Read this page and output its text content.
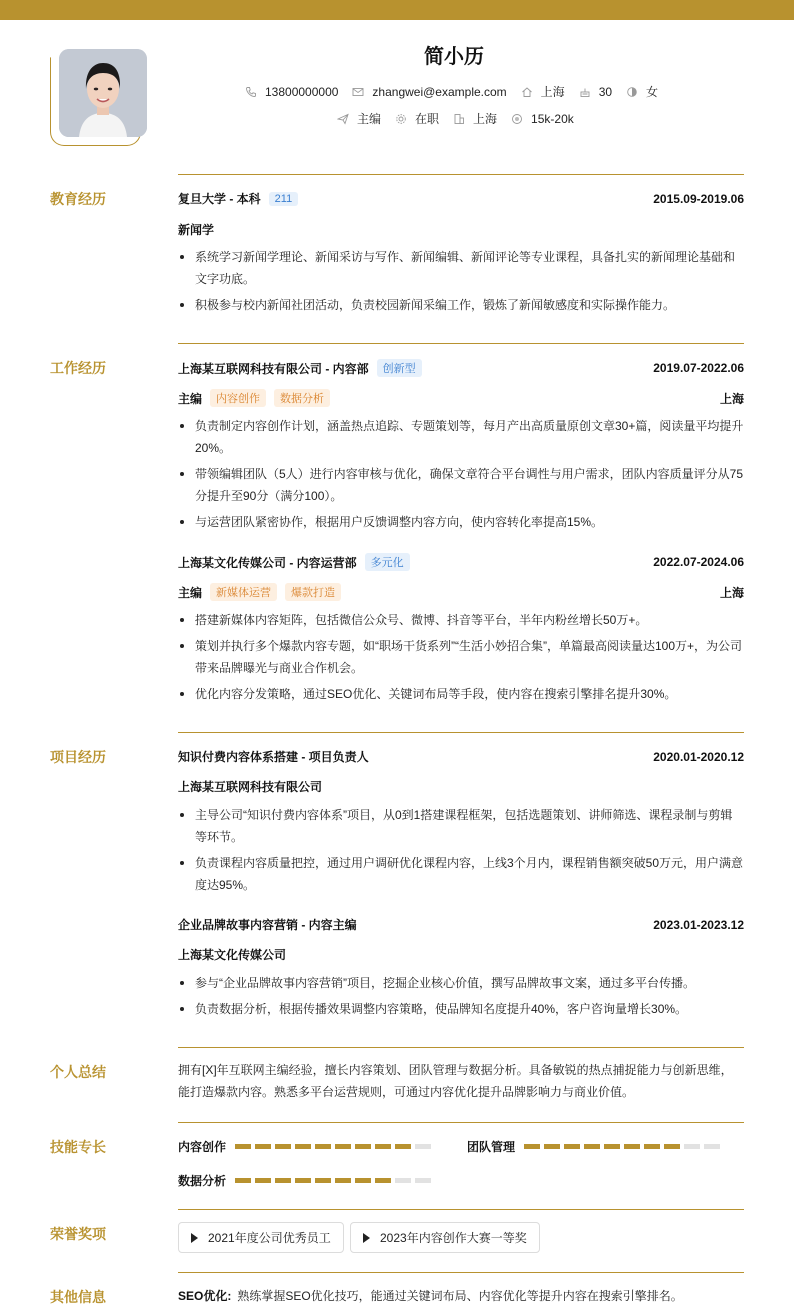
简小历
13800000000	zhangwei@example.com	上海	30	女
主编	在职	上海	15k-20k
教育经历	复旦大学 - 本科	211	2015.09-2019.06
新闻学
系统学习新闻学理论、新闻采访与写作、新闻编辑、新闻评论等专业课程，具备扎实的新闻理论基础和文字功底。
积极参与校内新闻社团活动，负责校园新闻采编工作，锻炼了新闻敏感度和实际操作能力。
工作经历	上海某互联网科技有限公司 - 内容部	创新型	2019.07-2022.06
主编	内容创作	数据分析	上海
负责制定内容创作计划，涵盖热点追踪、专题策划等，每月产出高质量原创文章30+篇，阅读量平均提升20%。
带领编辑团队（5人）进行内容审核与优化，确保文章符合平台调性与用户需求，团队内容质量评分从75分提升至90分（满分100）。
与运营团队紧密协作，根据用户反馈调整内容方向，使内容转化率提高15%。
上海某文化传媒公司 - 内容运营部	多元化	2022.07-2024.06
主编	新媒体运营	爆款打造	上海
搭建新媒体内容矩阵，包括微信公众号、微博、抖音等平台，半年内粉丝增长50万+。
策划并执行多个爆款内容专题，如“职场干货系列”“生活小妙招合集”，单篇最高阅读量达100万+，为公司带来品牌曝光与商业合作机会。
优化内容分发策略，通过SEO优化、关键词布局等手段，使内容在搜索引擎排名提升30%。
项目经历	知识付费内容体系搭建 - 项目负责人	2020.01-2020.12
上海某互联网科技有限公司
主导公司“知识付费内容体系”项目，从0到1搭建课程框架，包括选题策划、讲师筛选、课程录制与剪辑等环节。
负责课程内容质量把控，通过用户调研优化课程内容，上线3个月内，课程销售额突破50万元，用户满意度达95%。
企业品牌故事内容营销 - 内容主编	2023.01-2023.12
上海某文化传媒公司
参与“企业品牌故事内容营销”项目，挖掘企业核心价值，撰写品牌故事文案，通过多平台传播。
负责数据分析，根据传播效果调整内容策略，使品牌知名度提升40%，客户咨询量增长30%。
个人总结	拥有[X]年互联网主编经验，擅长内容策划、团队管理与数据分析。具备敏锐的热点捕捉能力与创新思维，能打造爆款内容。熟悉多平台运营规则，可通过内容优化提升品牌影响力与商业价值。
技能专长	内容创作	团队管理
数据分析
荣誉奖项	2021年度公司优秀员工	2023年内容创作大赛一等奖
其他信息	SEO优化: 熟练掌握SEO优化技巧，能通过关键词布局、内容优化等提升内容在搜索引擎排名。
